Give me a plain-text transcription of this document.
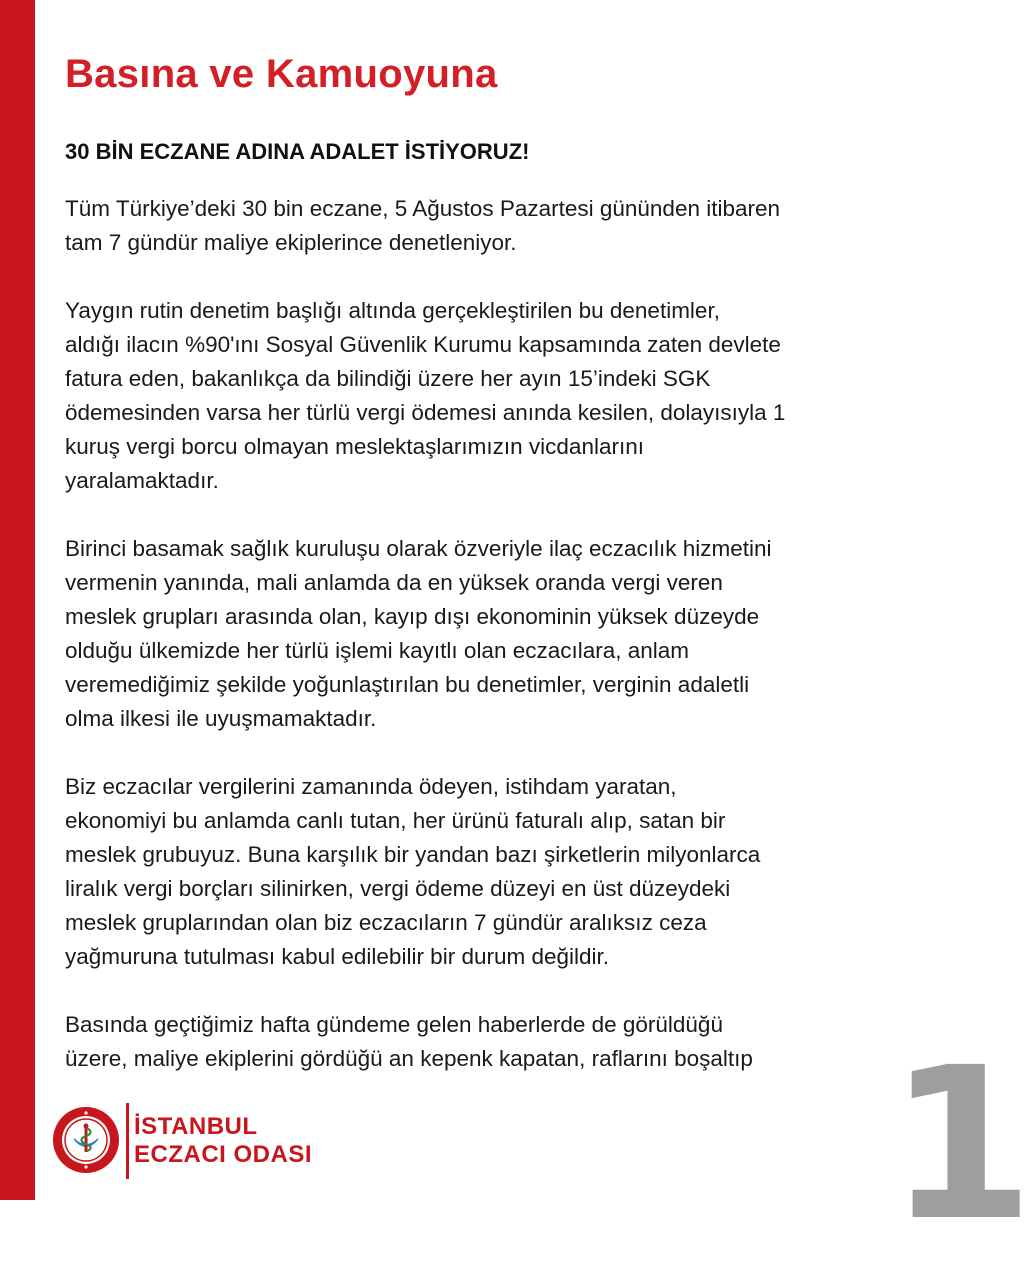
Basına ve Kamuoyuna
30 BİN ECZANE ADINA ADALET İSTİYORUZ!

Tüm Türkiye’deki 30 bin eczane, 5 Ağustos Pazartesi gününden itibaren
tam 7 gündür maliye ekiplerince denetleniyor.

Yaygın rutin denetim başlığı altında gerçekleştirilen bu denetimler,
aldığı ilacın %90'ını Sosyal Güvenlik Kurumu kapsamında zaten devlete
fatura eden, bakanlıkça da bilindiği üzere her ayın 15’indeki SGK
ödemesinden varsa her türlü vergi ödemesi anında kesilen, dolayısıyla 1
kuruş vergi borcu olmayan meslektaşlarımızın vicdanlarını
yaralamaktadır.

Birinci basamak sağlık kuruluşu olarak özveriyle ilaç eczacılık hizmetini
vermenin yanında, mali anlamda da en yüksek oranda vergi veren
meslek grupları arasında olan, kayıp dışı ekonominin yüksek düzeyde
olduğu ülkemizde her türlü işlemi kayıtlı olan eczacılara, anlam
veremediğimiz şekilde yoğunlaştırılan bu denetimler, verginin adaletli
olma ilkesi ile uyuşmamaktadır.

Biz eczacılar vergilerini zamanında ödeyen, istihdam yaratan,
ekonomiyi bu anlamda canlı tutan, her ürünü faturalı alıp, satan bir
meslek grubuyuz. Buna karşılık bir yandan bazı şirketlerin milyonlarca
liralık vergi borçları silinirken, vergi ödeme düzeyi en üst düzeydeki
meslek gruplarından olan biz eczacıların 7 gündür aralıksız ceza
yağmuruna tutulması kabul edilebilir bir durum değildir.

Basında geçtiğimiz hafta gündeme gelen haberlerde de görüldüğü
üzere, maliye ekiplerini gördüğü an kepenk kapatan, raflarını boşaltıp

İSTANBUL
ECZACI ODASI	1
